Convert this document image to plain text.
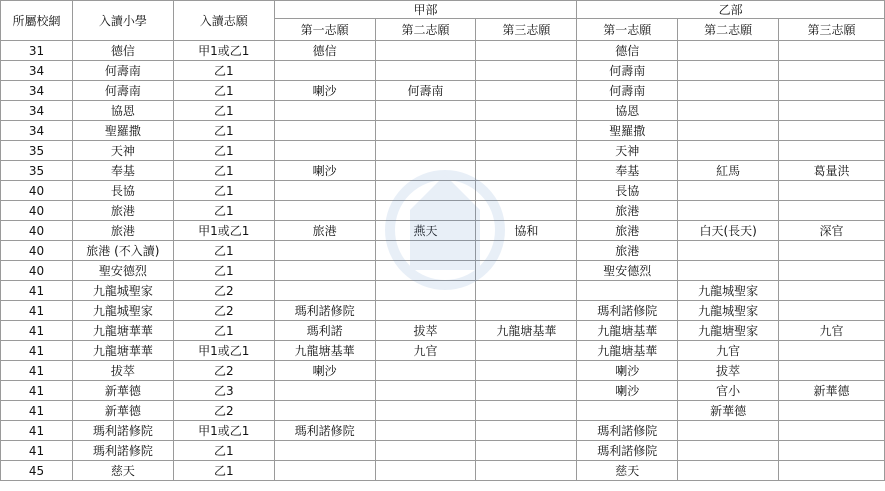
所屬校網	入讀小學	入讀志願	甲部			乙部		
			第一志願	第二志願	第三志願	第一志願	第二志願	第三志願
31	德信	甲1或乙1	德信			德信		
34	何壽南	乙1				何壽南		
34	何壽南	乙1	喇沙	何壽南		何壽南		
34	協恩	乙1				協恩		
34	聖羅撒	乙1				聖羅撒		
35	天神	乙1				天神		
35	奉基	乙1	喇沙			奉基	紅馬	葛量洪
40	長協	乙1				長協		
40	旅港	乙1				旅港		
40	旅港	甲1或乙1	旅港	燕天	協和	旅港	白天(長天)	深官
40	旅港 (不入讀)	乙1				旅港		
40	聖安德烈	乙1				聖安德烈		
41	九龍城聖家	乙2					九龍城聖家	
41	九龍城聖家	乙2	瑪利諾修院			瑪利諾修院	九龍城聖家	
41	九龍塘華華	乙1	瑪利諾	拔萃	九龍塘基華	九龍塘基華	九龍塘聖家	九官
41	九龍塘華華	甲1或乙1	九龍塘基華	九官		九龍塘基華	九官	
41	拔萃	乙2	喇沙			喇沙	拔萃	
41	新華德	乙3				喇沙	官小	新華德
41	新華德	乙2					新華德	
41	瑪利諾修院	甲1或乙1	瑪利諾修院			瑪利諾修院		
41	瑪利諾修院	乙1				瑪利諾修院		
45	慈天	乙1				慈天		
